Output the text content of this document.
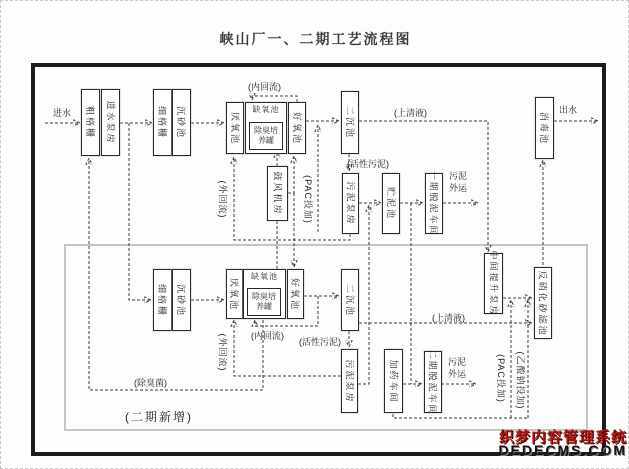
峡山厂一、二期工艺流程图
粗格栅 进水泵房	细格栅 沉砂池	厌氧池
缺氧池
除臭培养罐	好氧池	二沉池
鼓风机房	污泥泵房	贮泥池	一期脱泥车间
消毒池
细格栅 沉砂池	厌氧池
缺氧池
除臭培养罐	好氧池	二沉池
污泥泵房	加药车间	二期脱泥车间
中间提升泵房	反硝化砂滤池
进水	出水
(内回流)
(外回流)	(PAC投加)
(上清液)
(活性污泥)
污泥外运
(上清液)
(活性污泥)
(内回流)
(外回流)	污泥外运	(PAC投加) (乙酸钠投加)
(除臭菌)
(二期新增)
织梦内容管理系统
DEDECMS.COM
